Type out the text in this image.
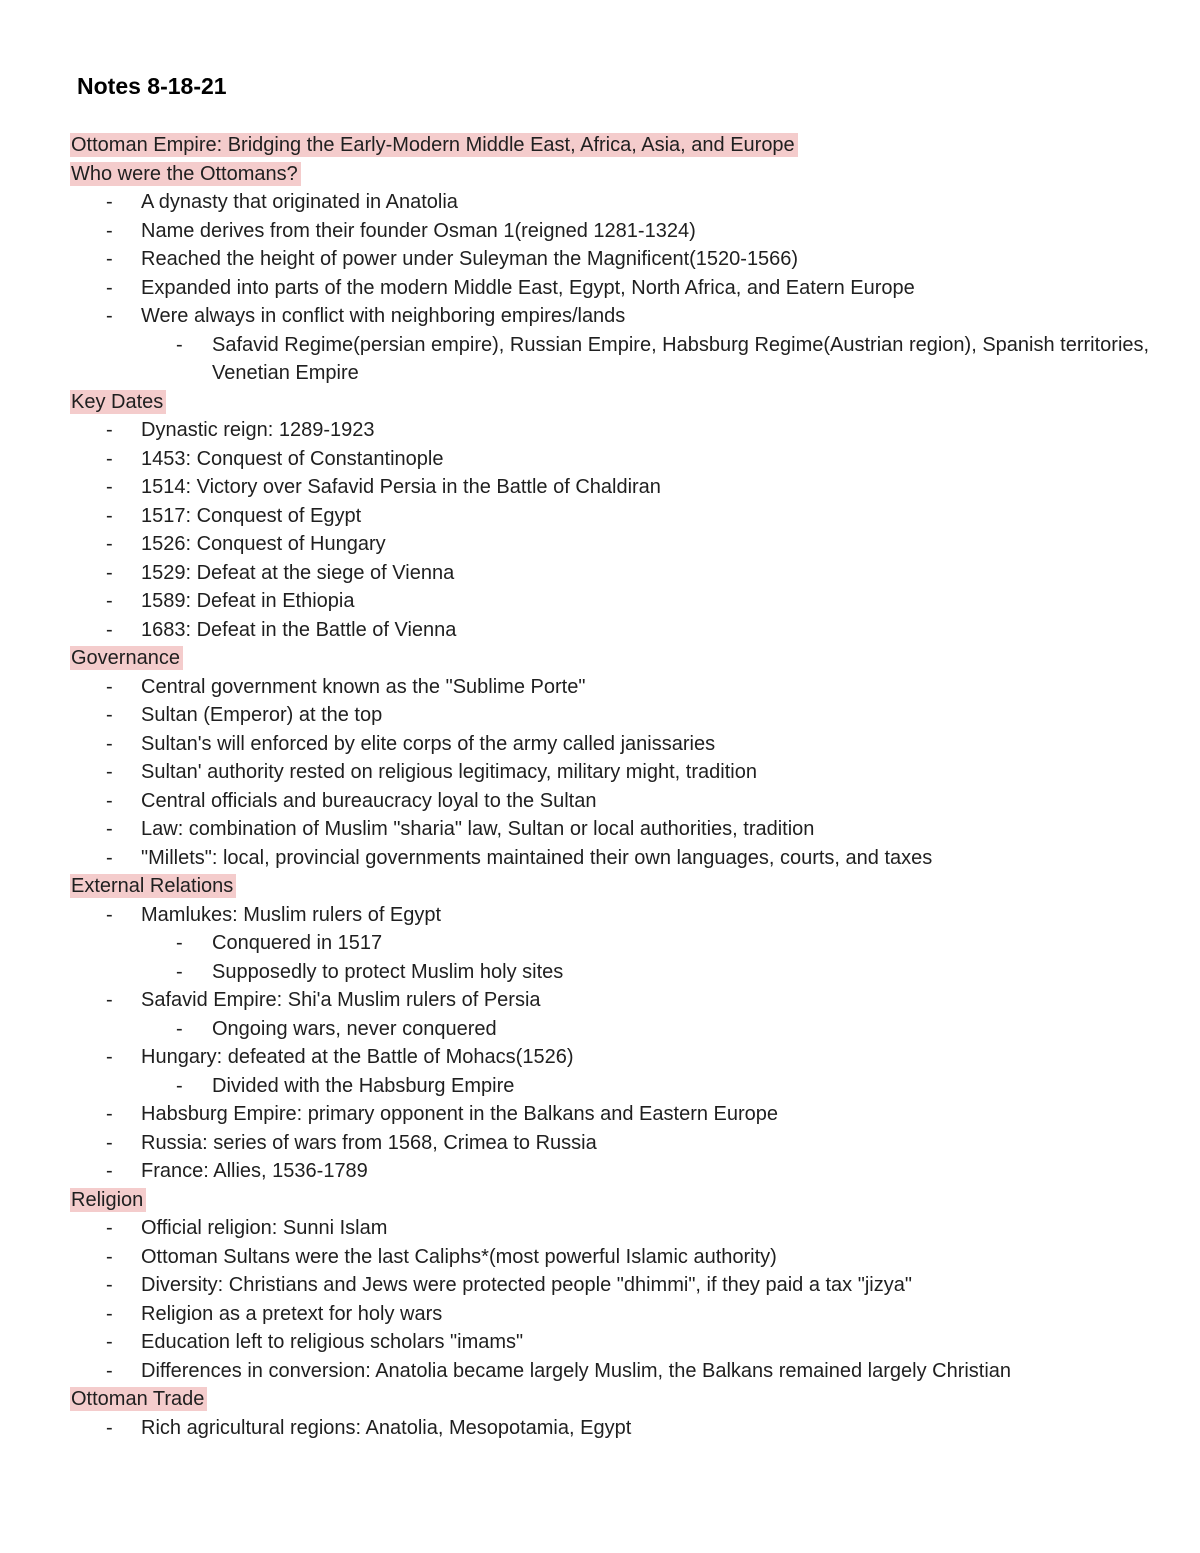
Notes 8-18-21
Ottoman Empire: Bridging the Early-Modern Middle East, Africa, Asia, and Europe
Who were the Ottomans?
- A dynasty that originated in Anatolia
- Name derives from their founder Osman 1(reigned 1281-1324)
- Reached the height of power under Suleyman the Magnificent(1520-1566)
- Expanded into parts of the modern Middle East, Egypt, North Africa, and Eatern Europe
- Were always in conflict with neighboring empires/lands
- Safavid Regime(persian empire), Russian Empire, Habsburg Regime(Austrian region), Spanish territories, Venetian Empire
Key Dates
- Dynastic reign: 1289-1923
- 1453: Conquest of Constantinople
- 1514: Victory over Safavid Persia in the Battle of Chaldiran
- 1517: Conquest of Egypt
- 1526: Conquest of Hungary
- 1529: Defeat at the siege of Vienna
- 1589: Defeat in Ethiopia
- 1683: Defeat in the Battle of Vienna
Governance
- Central government known as the "Sublime Porte"
- Sultan (Emperor) at the top
- Sultan's will enforced by elite corps of the army called janissaries
- Sultan' authority rested on religious legitimacy, military might, tradition
- Central officials and bureaucracy loyal to the Sultan
- Law: combination of Muslim "sharia" law, Sultan or local authorities, tradition
- "Millets": local, provincial governments maintained their own languages, courts, and taxes
External Relations
- Mamlukes: Muslim rulers of Egypt
- Conquered in 1517
- Supposedly to protect Muslim holy sites
- Safavid Empire: Shi'a Muslim rulers of Persia
- Ongoing wars, never conquered
- Hungary: defeated at the Battle of Mohacs(1526)
- Divided with the Habsburg Empire
- Habsburg Empire: primary opponent in the Balkans and Eastern Europe
- Russia: series of wars from 1568, Crimea to Russia
- France: Allies, 1536-1789
Religion
- Official religion: Sunni Islam
- Ottoman Sultans were the last Caliphs*(most powerful Islamic authority)
- Diversity: Christians and Jews were protected people "dhimmi", if they paid a tax "jizya"
- Religion as a pretext for holy wars
- Education left to religious scholars "imams"
- Differences in conversion: Anatolia became largely Muslim, the Balkans remained largely Christian
Ottoman Trade
- Rich agricultural regions: Anatolia, Mesopotamia, Egypt
